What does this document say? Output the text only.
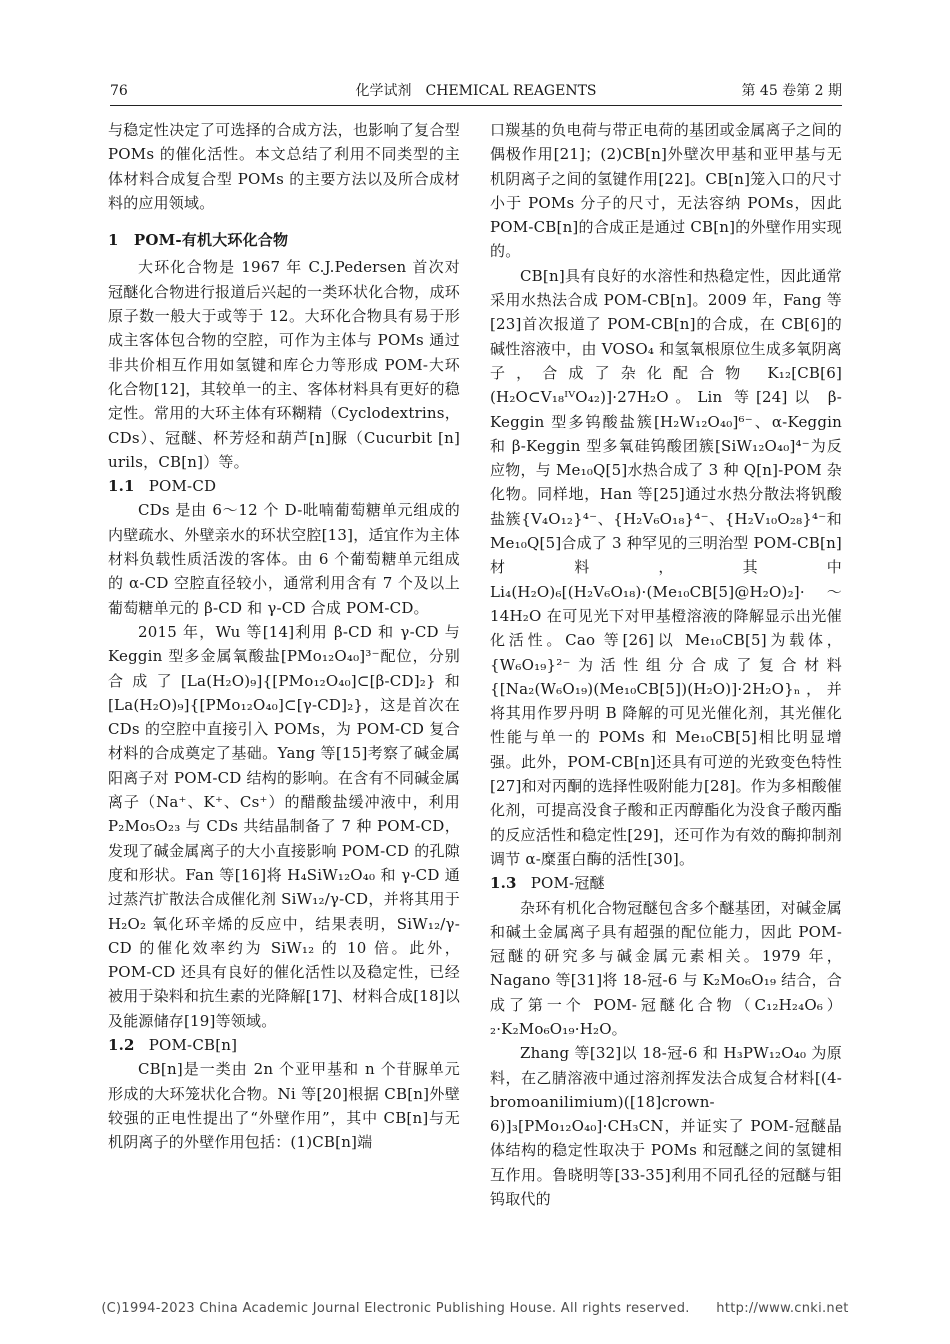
76	化学试剂　CHEMICAL REAGENTS	第 45 卷第 2 期

与稳定性决定了可选择的合成方法，也影响了复合型 POMs 的催化活性。本文总结了利用不同类型的主体材料合成复合型 POMs 的主要方法以及所合成材料的应用领域。

1　POM-有机大环化合物

大环化合物是 1967 年 C.J.Pedersen 首次对冠醚化合物进行报道后兴起的一类环状化合物，成环原子数一般大于或等于 12。大环化合物具有易于形成主客体包合物的空腔，可作为主体与 POMs 通过非共价相互作用如氢键和库仑力等形成 POM-大环化合物[12]，其较单一的主、客体材料具有更好的稳定性。常用的大环主体有环糊精（Cyclodextrins，CDs）、冠醚、杯芳烃和葫芦[n]脲（Cucurbit [n] urils，CB[n]）等。

1.1 POM-CD

CDs 是由 6～12 个 D-吡喃葡萄糖单元组成的内壁疏水、外壁亲水的环状空腔[13]，适宜作为主体材料负载性质活泼的客体。由 6 个葡萄糖单元组成的 α-CD 空腔直径较小，通常利用含有 7 个及以上葡萄糖单元的 β-CD 和 γ-CD 合成 POM-CD。

2015 年，Wu 等[14]利用 β-CD 和 γ-CD 与 Keggin 型多金属氧酸盐[PMo₁₂O₄₀]³⁻配位，分别合成了[La(H₂O)₉]{[PMo₁₂O₄₀]⊂[β-CD]₂}和[La(H₂O)₉]{[PMo₁₂O₄₀]⊂[γ-CD]₂}，这是首次在 CDs 的空腔中直接引入 POMs，为 POM-CD 复合材料的合成奠定了基础。Yang 等[15]考察了碱金属阳离子对 POM-CD 结构的影响。在含有不同碱金属离子（Na⁺、K⁺、Cs⁺）的醋酸盐缓冲液中，利用 P₂Mo₅O₂₃ 与 CDs 共结晶制备了 7 种 POM-CD，发现了碱金属离子的大小直接影响 POM-CD 的孔隙度和形状。Fan 等[16]将 H₄SiW₁₂O₄₀ 和 γ-CD 通过蒸汽扩散法合成催化剂 SiW₁₂/γ-CD，并将其用于 H₂O₂ 氧化环辛烯的反应中，结果表明，SiW₁₂/γ-CD 的催化效率约为 SiW₁₂ 的 10 倍。此外，POM-CD 还具有良好的催化活性以及稳定性，已经被用于染料和抗生素的光降解[17]、材料合成[18]以及能源储存[19]等领域。

1.2 POM-CB[n]

CB[n]是一类由 2n 个亚甲基和 n 个苷脲单元形成的大环笼状化合物。Ni 等[20]根据 CB[n]外壁较强的正电性提出了“外壁作用”，其中 CB[n]与无机阴离子的外壁作用包括：(1)CB[n]端

口羰基的负电荷与带正电荷的基团或金属离子之间的偶极作用[21]；(2)CB[n]外壁次甲基和亚甲基与无机阴离子之间的氢键作用[22]。CB[n]笼入口的尺寸小于 POMs 分子的尺寸，无法容纳 POMs，因此 POM-CB[n]的合成正是通过 CB[n]的外壁作用实现的。

CB[n]具有良好的水溶性和热稳定性，因此通常采用水热法合成 POM-CB[n]。2009 年，Fang 等[23]首次报道了 POM-CB[n]的合成，在 CB[6]的碱性溶液中，由 VOSO₄ 和氢氧根原位生成多氧阴离子，合成了杂化配合物 K₁₂[CB[6](H₂O⊂V₁₈ᴵⱽO₄₂)]·27H₂O。Lin 等[24]以 β-Keggin 型多钨酸盐簇[H₂W₁₂O₄₀]⁶⁻、α-Keggin 和 β-Keggin 型多氧硅钨酸团簇[SiW₁₂O₄₀]⁴⁻为反应物，与 Me₁₀Q[5]水热合成了 3 种 Q[n]-POM 杂化物。同样地，Han 等[25]通过水热分散法将钒酸盐簇{V₄O₁₂}⁴⁻、{H₂V₆O₁₈}⁴⁻、{H₂V₁₀O₂₈}⁴⁻和 Me₁₀Q[5]合成了 3 种罕见的三明治型 POM-CB[n]材料，其中 Li₄(H₂O)₆[(H₂V₆O₁₈)·(Me₁₀CB[5]@H₂O)₂]·～14H₂O 在可见光下对甲基橙溶液的降解显示出光催化活性。Cao 等[26]以 Me₁₀CB[5]为载体，{W₆O₁₉}²⁻为活性组分合成了复合材料{[Na₂(W₆O₁₉)(Me₁₀CB[5])(H₂O)]·2H₂O}ₙ，并将其用作罗丹明 B 降解的可见光催化剂，其光催化性能与单一的 POMs 和 Me₁₀CB[5]相比明显增强。此外，POM-CB[n]还具有可逆的光致变色特性[27]和对丙酮的选择性吸附能力[28]。作为多相酸催化剂，可提高没食子酸和正丙醇酯化为没食子酸丙酯的反应活性和稳定性[29]，还可作为有效的酶抑制剂调节 α-糜蛋白酶的活性[30]。

1.3 POM-冠醚

杂环有机化合物冠醚包含多个醚基团，对碱金属和碱土金属离子具有超强的配位能力，因此 POM-冠醚的研究多与碱金属元素相关。1979 年，Nagano 等[31]将 18-冠-6 与 K₂Mo₆O₁₉ 结合，合成了第一个 POM-冠醚化合物（C₁₂H₂₄O₆）₂·K₂Mo₆O₁₉·H₂O。

Zhang 等[32]以 18-冠-6 和 H₃PW₁₂O₄₀ 为原料，在乙腈溶液中通过溶剂挥发法合成复合材料[(4-bromoanilimium)([18]crown-6)]₃[PMo₁₂O₄₀]·CH₃CN，并证实了 POM-冠醚晶体结构的稳定性取决于 POMs 和冠醚之间的氢键相互作用。鲁晓明等[33-35]利用不同孔径的冠醚与钼钨取代的

(C)1994-2023 China Academic Journal Electronic Publishing House. All rights reserved.　　http://www.cnki.net
